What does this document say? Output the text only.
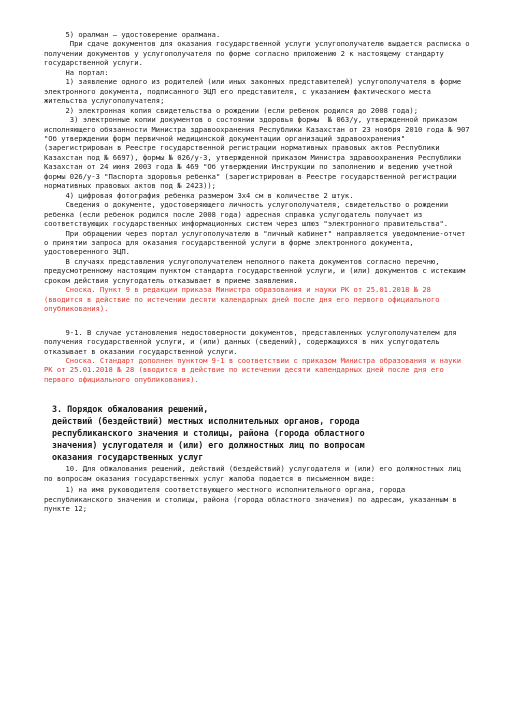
5) оралман – удостоверение оралмана.

При сдаче документов для оказания государственной услуги услугополучателю выдается расписка о получении документов у услугополучателя по форме согласно приложению 2 к настоящему стандарту государственной услуги.

На портал:

1) заявление одного из родителей (или иных законных представителей) услугополучателя в форме электронного документа, подписанного ЭЦП его представителя, с указанием фактического места жительства услугополучателя;

2) электронная копия свидетельства о рождении (если ребенок родился до 2008 года);

3) электронные копии документов о состоянии здоровья формы  № 063/у, утвержденной приказом исполняющего обязанности Министра здравоохранения Республики Казахстан от 23 ноября 2010 года № 907 "Об утверждении форм первичной медицинской документации организаций здравоохранения" (зарегистрирован в Реестре государственной регистрации нормативных правовых актов Республики Казахстан под № 6697), формы № 026/у-3, утвержденной приказом Министра здравоохранения Республики Казахстан от 24 июня 2003 года № 469 "Об утверждении Инструкции по заполнению и ведению учетной формы 026/у-3 "Паспорта здоровья ребенка" (зарегистрирован в Реестре государственной регистрации нормативных правовых актов под № 2423));

4) цифровая фотография ребенка размером 3х4 см в количестве 2 штук.

Сведения о документе, удостоверяющего личность услугополучателя, свидетельство о рождении ребенка (если ребенок родился после 2008 года) адресная справка услугодатель получает из соответствующих государственных информационных систем через шлюз "электронного правительства".

При обращении через портал услугополучателю в "личный кабинет" направляется уведомление-отчет о принятии запроса для оказания государственной услуги в форме электронного документа, удостоверенного ЭЦП.

В случаях представления услугополучателем неполного пакета документов согласно перечню, предусмотренному настоящим пунктом стандарта государственной услуги, и (или) документов с истекшим сроком действия услугодатель отказывает в приеме заявления.

Сноска. Пункт 9 в редакции приказа Министра образования и науки РК от 25.01.2018 № 28 (вводится в действие по истечении десяти календарных дней после дня его первого официального опубликования).

9-1. В случае установления недостоверности документов, представленных услугополучателем для получения государственной услуги, и (или) данных (сведений), содержащихся в них услугодатель отказывает в оказании государственной услуги.

Сноска. Стандарт дополнен пунктом 9-1 в соответствии с приказом Министра образования и науки РК от 25.01.2018 № 28 (вводится в действие по истечении десяти календарных дней после дня его первого официального опубликования).

3. Порядок обжалования решений,

действий (бездействий) местных исполнительных органов, города

республиканского значения и столицы, района (города областного

значения) услугодателя и (или) его должностных лиц по вопросам

оказания государственных услуг

10. Для обжалования решений, действий (бездействий) услугодателя и (или) его должностных лиц по вопросам оказания государственных услуг жалоба подается в письменном виде:

1) на имя руководителя соответствующего местного исполнительного органа, города республиканского значения и столицы, района (города областного значения) по адресам, указанным в пункте 12;
